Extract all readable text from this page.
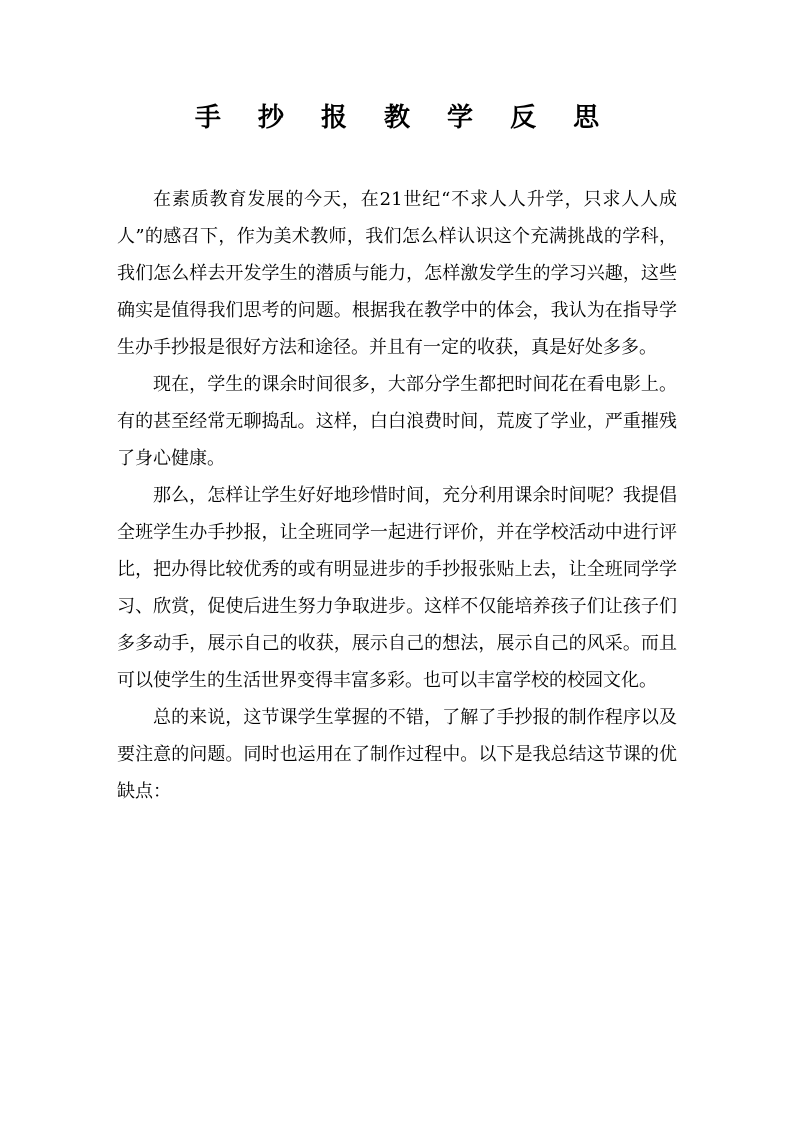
手 抄 报 教 学 反 思

在素质教育发展的今天，在21世纪“不求人人升学，只求人人成人”的感召下，作为美术教师，我们怎么样认识这个充满挑战的学科，我们怎么样去开发学生的潜质与能力，怎样激发学生的学习兴趣，这些确实是值得我们思考的问题。根据我在教学中的体会，我认为在指导学生办手抄报是很好方法和途径。并且有一定的收获，真是好处多多。

现在，学生的课余时间很多，大部分学生都把时间花在看电影上。有的甚至经常无聊捣乱。这样，白白浪费时间，荒废了学业，严重摧残了身心健康。

那么，怎样让学生好好地珍惜时间，充分利用课余时间呢？我提倡全班学生办手抄报，让全班同学一起进行评价，并在学校活动中进行评比，把办得比较优秀的或有明显进步的手抄报张贴上去，让全班同学学习、欣赏，促使后进生努力争取进步。这样不仅能培养孩子们让孩子们多多动手，展示自己的收获，展示自己的想法，展示自己的风采。而且可以使学生的生活世界变得丰富多彩。也可以丰富学校的校园文化。

总的来说，这节课学生掌握的不错，了解了手抄报的制作程序以及要注意的问题。同时也运用在了制作过程中。以下是我总结这节课的优缺点：
